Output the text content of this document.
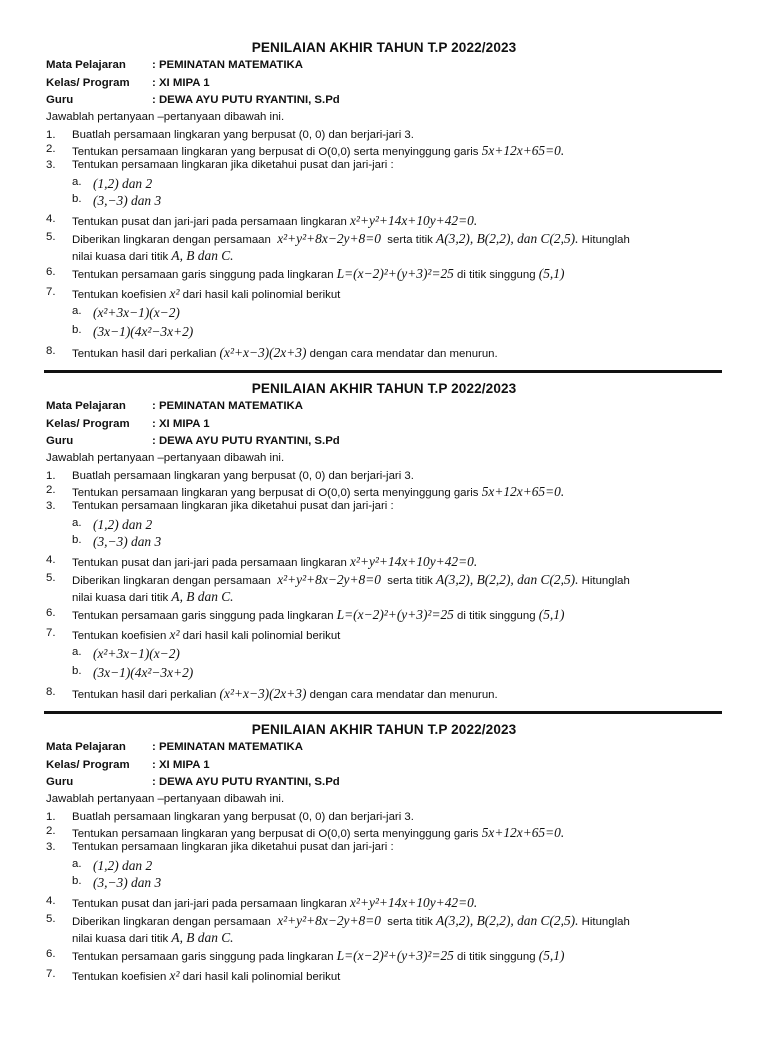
PENILAIAN AKHIR TAHUN T.P 2022/2023
Mata Pelajaran : PEMINATAN MATEMATIKA
Kelas/ Program : XI MIPA 1
Guru	: DEWA AYU PUTU RYANTINI, S.Pd
Jawablah pertanyaan –pertanyaan dibawah ini.
1. Buatlah persamaan lingkaran yang berpusat (0, 0) dan berjari-jari 3.
2. Tentukan persamaan lingkaran yang berpusat di O(0,0) serta menyinggung garis 5x+12x+65=0.
3. Tentukan persamaan lingkaran jika diketahui pusat dan jari-jari :
a. (1,2) dan 2
b. (3,−3) dan 3
4. Tentukan pusat dan jari-jari pada persamaan lingkaran x²+y²+14x+10y+42=0.
5. Diberikan lingkaran dengan persamaan x²+y²+8x−2y+8=0 serta titik A(3,2), B(2,2), dan C(2,5). Hitunglah
nilai kuasa dari titik A, B dan C.
6. Tentukan persamaan garis singgung pada lingkaran L=(x−2)²+(y+3)²=25 di titik singgung (5,1)
7. Tentukan koefisien x² dari hasil kali polinomial berikut
a. (x²+3x−1)(x−2)
b. (3x−1)(4x²−3x+2)
8. Tentukan hasil dari perkalian (x²+x−3)(2x+3) dengan cara mendatar dan menurun.
PENILAIAN AKHIR TAHUN T.P 2022/2023
Mata Pelajaran : PEMINATAN MATEMATIKA
Kelas/ Program : XI MIPA 1
Guru	: DEWA AYU PUTU RYANTINI, S.Pd
Jawablah pertanyaan –pertanyaan dibawah ini.
1. Buatlah persamaan lingkaran yang berpusat (0, 0) dan berjari-jari 3.
2. Tentukan persamaan lingkaran yang berpusat di O(0,0) serta menyinggung garis 5x+12x+65=0.
3. Tentukan persamaan lingkaran jika diketahui pusat dan jari-jari :
a. (1,2) dan 2
b. (3,−3) dan 3
4. Tentukan pusat dan jari-jari pada persamaan lingkaran x²+y²+14x+10y+42=0.
5. Diberikan lingkaran dengan persamaan x²+y²+8x−2y+8=0 serta titik A(3,2), B(2,2), dan C(2,5). Hitunglah
nilai kuasa dari titik A, B dan C.
6. Tentukan persamaan garis singgung pada lingkaran L=(x−2)²+(y+3)²=25 di titik singgung (5,1)
7. Tentukan koefisien x² dari hasil kali polinomial berikut
a. (x²+3x−1)(x−2)
b. (3x−1)(4x²−3x+2)
8. Tentukan hasil dari perkalian (x²+x−3)(2x+3) dengan cara mendatar dan menurun.
PENILAIAN AKHIR TAHUN T.P 2022/2023
Mata Pelajaran : PEMINATAN MATEMATIKA
Kelas/ Program : XI MIPA 1
Guru	: DEWA AYU PUTU RYANTINI, S.Pd
Jawablah pertanyaan –pertanyaan dibawah ini.
1. Buatlah persamaan lingkaran yang berpusat (0, 0) dan berjari-jari 3.
2. Tentukan persamaan lingkaran yang berpusat di O(0,0) serta menyinggung garis 5x+12x+65=0.
3. Tentukan persamaan lingkaran jika diketahui pusat dan jari-jari :
a. (1,2) dan 2
b. (3,−3) dan 3
4. Tentukan pusat dan jari-jari pada persamaan lingkaran x²+y²+14x+10y+42=0.
5. Diberikan lingkaran dengan persamaan x²+y²+8x−2y+8=0 serta titik A(3,2), B(2,2), dan C(2,5). Hitunglah
nilai kuasa dari titik A, B dan C.
6. Tentukan persamaan garis singgung pada lingkaran L=(x−2)²+(y+3)²=25 di titik singgung (5,1)
7. Tentukan koefisien x² dari hasil kali polinomial berikut
